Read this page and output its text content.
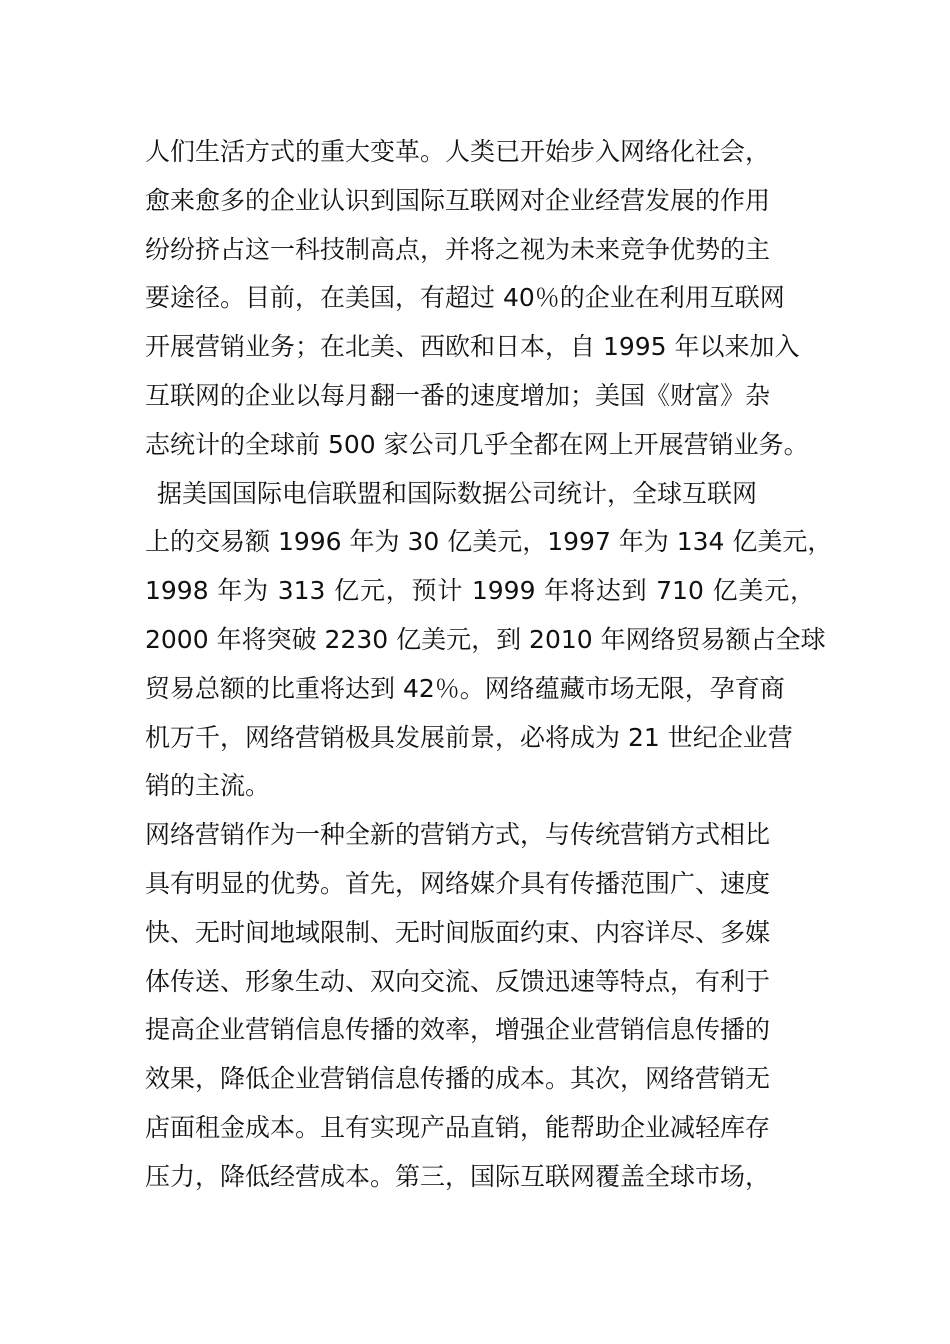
人们生活方式的重大变革。人类已开始步入网络化社会，
愈来愈多的企业认识到国际互联网对企业经营发展的作用
纷纷挤占这一科技制高点，并将之视为未来竞争优势的主
要途径。目前，在美国，有超过 40％的企业在利用互联网
开展营销业务；在北美、西欧和日本，自 1995 年以来加入
互联网的企业以每月翻一番的速度增加；美国《财富》杂
志统计的全球前 500 家公司几乎全都在网上开展营销业务。
据美国国际电信联盟和国际数据公司统计，全球互联网
上的交易额 1996 年为 30 亿美元，1997 年为 134 亿美元，
1998 年为 313 亿元，预计 1999 年将达到 710 亿美元，
2000 年将突破 2230 亿美元，到 2010 年网络贸易额占全球
贸易总额的比重将达到 42％。网络蕴藏市场无限，孕育商
机万千，网络营销极具发展前景，必将成为 21 世纪企业营
销的主流。
网络营销作为一种全新的营销方式，与传统营销方式相比
具有明显的优势。首先，网络媒介具有传播范围广、速度
快、无时间地域限制、无时间版面约束、内容详尽、多媒
体传送、形象生动、双向交流、反馈迅速等特点，有利于
提高企业营销信息传播的效率，增强企业营销信息传播的
效果，降低企业营销信息传播的成本。其次，网络营销无
店面租金成本。且有实现产品直销，能帮助企业减轻库存
压力，降低经营成本。第三，国际互联网覆盖全球市场，
